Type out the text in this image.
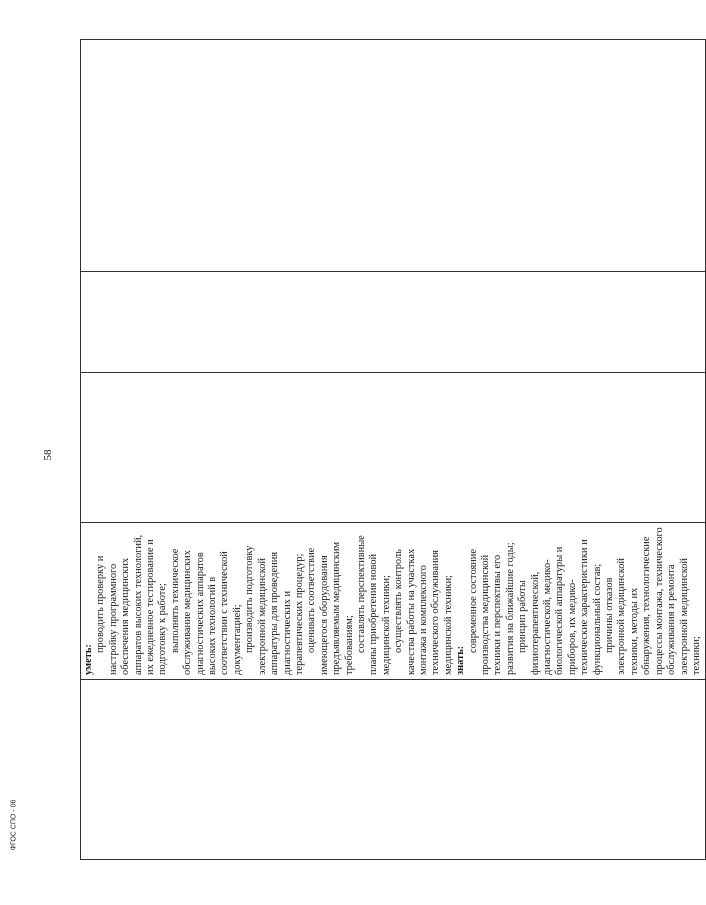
58
ФГОС СПО - 06

уметь:

проводить проверку и настройку программного обеспечения медицинских аппаратов высоких технологий, их ежедневное тестирование и подготовку к работе; выполнять техническое обслуживание медицинских диагностических аппаратов высоких технологий в соответствии с технической документацией; производить подготовку электронной медицинской аппаратуры для проведения диагностических и терапевтических процедур; оценивать соответствие имеющегося оборудования предъявляемым медицинским требованиям; составлять перспективные планы приобретения новой медицинской техники; осуществлять контроль качества работы на участках монтажа и комплексного технического обслуживания медицинской техники; знать:

современное состояние производства медицинской техники и перспективы его развития на ближайшие годы; принцип работы физиотерапевтической, диагностической, медико-биологической аппаратуры и приборов, их медико-технические характеристики и функциональный состав; причины отказов электронной медицинской техники, методы их обнаружения, технологические процессы монтажа, технического обслуживания и ремонта электронной медицинской техники;
